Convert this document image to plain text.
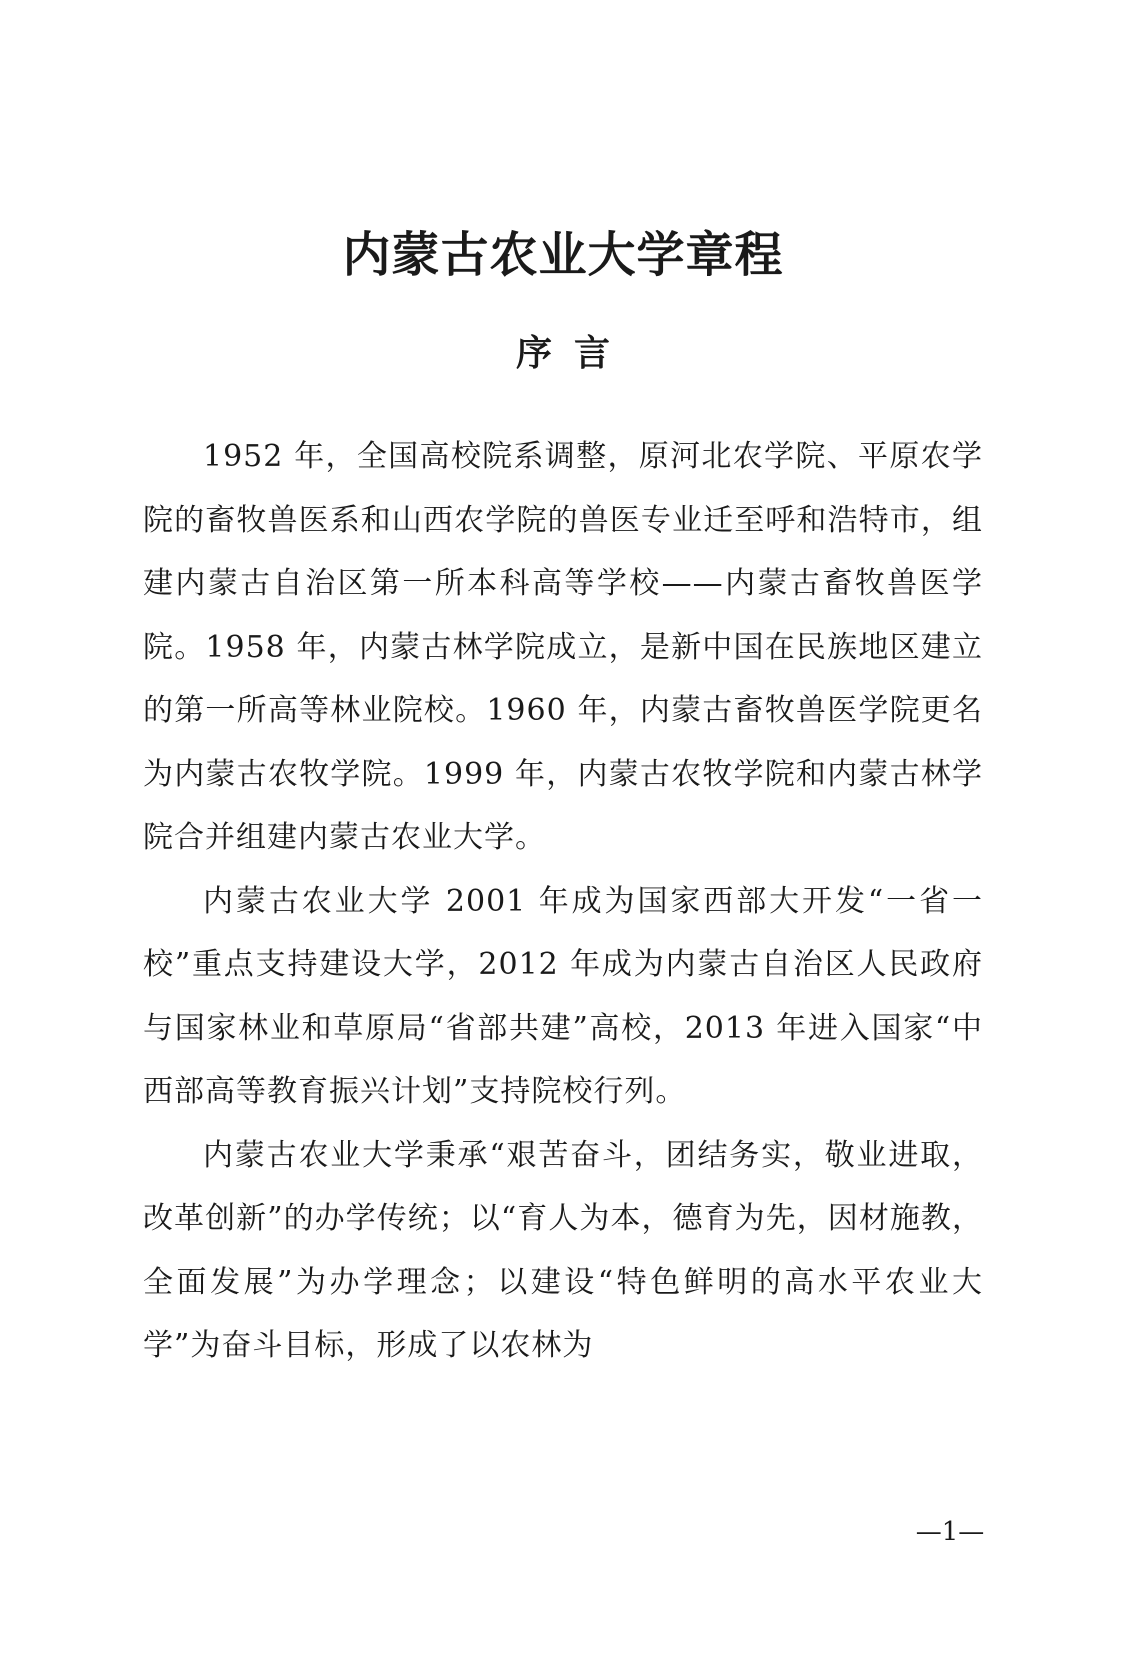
内蒙古农业大学章程
序言

1952 年，全国高校院系调整，原河北农学院、平原农学院的畜牧兽医系和山西农学院的兽医专业迁至呼和浩特市，组建内蒙古自治区第一所本科高等学校——内蒙古畜牧兽医学院。1958 年，内蒙古林学院成立，是新中国在民族地区建立的第一所高等林业院校。1960 年，内蒙古畜牧兽医学院更名为内蒙古农牧学院。1999 年，内蒙古农牧学院和内蒙古林学院合并组建内蒙古农业大学。

内蒙古农业大学 2001 年成为国家西部大开发“一省一校”重点支持建设大学，2012 年成为内蒙古自治区人民政府与国家林业和草原局“省部共建”高校，2013 年进入国家“中西部高等教育振兴计划”支持院校行列。

内蒙古农业大学秉承“艰苦奋斗，团结务实，敬业进取，改革创新”的办学传统；以“育人为本，德育为先，因材施教，全面发展”为办学理念；以建设“特色鲜明的高水平农业大学”为奋斗目标，形成了以农林为

—1—
